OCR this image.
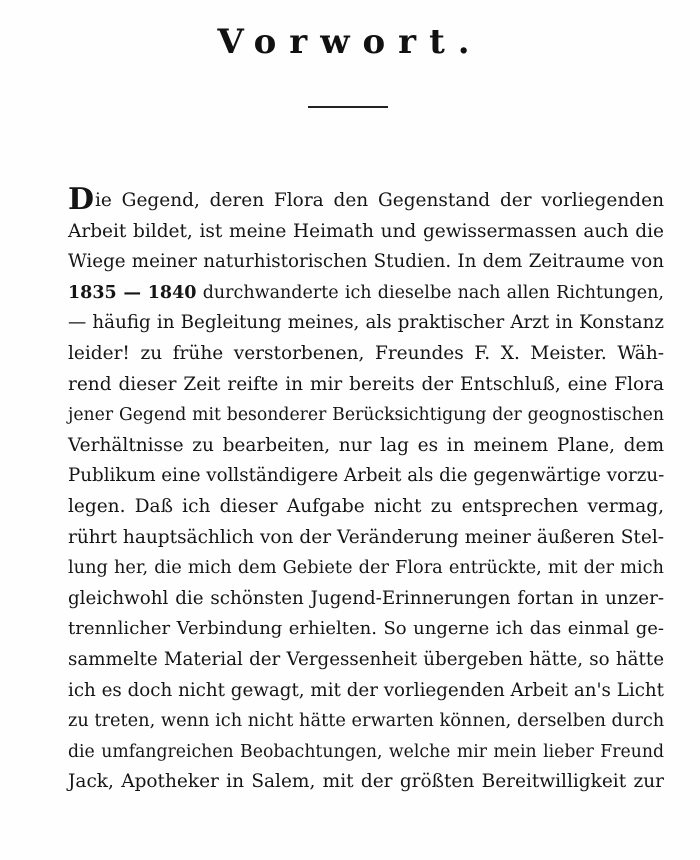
Vorwort.
Die Gegend, deren Flora den Gegenstand der vorliegenden
Arbeit bildet, ist meine Heimath und gewissermassen auch die
Wiege meiner naturhistorischen Studien. In dem Zeitraume von
1835 — 1840 durchwanderte ich dieselbe nach allen Richtungen,
— häufig in Begleitung meines, als praktischer Arzt in Konstanz
leider! zu frühe verstorbenen, Freundes F. X. Meister. Wäh-
rend dieser Zeit reifte in mir bereits der Entschluß, eine Flora
jener Gegend mit besonderer Berücksichtigung der geognostischen
Verhältnisse zu bearbeiten, nur lag es in meinem Plane, dem
Publikum eine vollständigere Arbeit als die gegenwärtige vorzu-
legen. Daß ich dieser Aufgabe nicht zu entsprechen vermag,
rührt hauptsächlich von der Veränderung meiner äußeren Stel-
lung her, die mich dem Gebiete der Flora entrückte, mit der mich
gleichwohl die schönsten Jugend-Erinnerungen fortan in unzer-
trennlicher Verbindung erhielten. So ungerne ich das einmal ge-
sammelte Material der Vergessenheit übergeben hätte, so hätte
ich es doch nicht gewagt, mit der vorliegenden Arbeit an's Licht
zu treten, wenn ich nicht hätte erwarten können, derselben durch
die umfangreichen Beobachtungen, welche mir mein lieber Freund
Jack, Apotheker in Salem, mit der größten Bereitwilligkeit zur
